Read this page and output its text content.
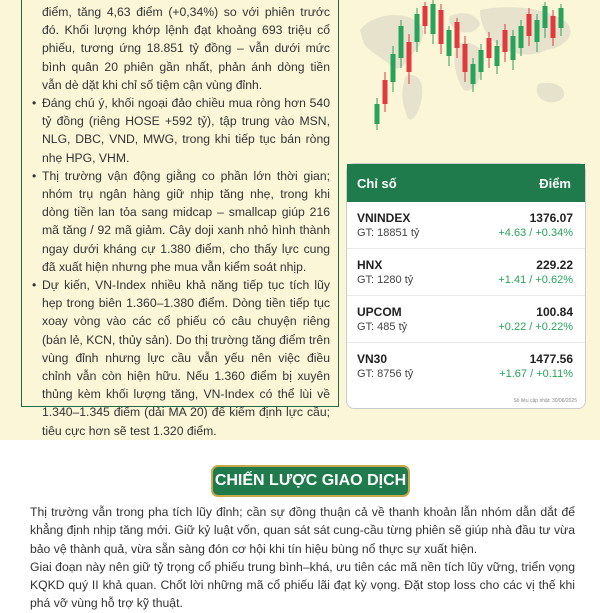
điểm, tăng 4,63 điểm (+0,34%) so với phiên trước đó. Khối lượng khớp lệnh đạt khoảng 693 triệu cổ phiếu, tương ứng 18.851 tỷ đồng – vẫn dưới mức bình quân 20 phiên gần nhất, phản ánh dòng tiền vẫn dè dặt khi chỉ số tiệm cận vùng đỉnh.

• Đáng chú ý, khối ngoại đảo chiều mua ròng hơn 540 tỷ đồng (riêng HOSE +592 tỷ), tập trung vào MSN, NLG, DBC, VND, MWG, trong khi tiếp tục bán ròng nhẹ HPG, VHM.
• Thị trường vận động giằng co phần lớn thời gian; nhóm trụ ngân hàng giữ nhịp tăng nhẹ, trong khi dòng tiền lan tỏa sang midcap – smallcap giúp 216 mã tăng / 92 mã giảm. Cây doji xanh nhỏ hình thành ngay dưới kháng cự 1.380 điểm, cho thấy lực cung đã xuất hiện nhưng phe mua vẫn kiểm soát nhịp.
• Dự kiến, VN-Index nhiều khả năng tiếp tục tích lũy hẹp trong biên 1.360–1.380 điểm. Dòng tiền tiếp tục xoay vòng vào các cổ phiếu có câu chuyện riêng (bán lẻ, KCN, thủy sản). Do thị trường tăng điểm trên vùng đỉnh nhưng lực cầu vẫn yếu nên việc điều chỉnh vẫn còn hiện hữu. Nếu 1.360 điểm bị xuyên thủng kèm khối lượng tăng, VN-Index có thể lùi về 1.340–1.345 điểm (dải MA 20) để kiểm định lực cầu; tiêu cực hơn sẽ test 1.320 điểm.
Chỉ số	Điểm
VNINDEX
GT: 18851 tỷ
1376.07
+4.63 / +0.34%
HNX
GT: 1280 tỷ
229.22
+1.41 / +0.62%
UPCOM
GT: 485 tỷ
100.84
+0.22 / +0.22%
VN30
GT: 8756 tỷ
1477.56
+1.67 / +0.11%
Số liệu cập nhật: 30/06/2025
CHIẾN LƯỢC GIAO DỊCH

Thị trường vẫn trong pha tích lũy đỉnh; cần sự đồng thuận cả về thanh khoản lẫn nhóm dẫn dắt để khẳng định nhịp tăng mới. Giữ kỷ luật vốn, quan sát sát cung-cầu từng phiên sẽ giúp nhà đầu tư vừa bảo vệ thành quả, vừa sẵn sàng đón cơ hội khi tín hiệu bùng nổ thực sự xuất hiện.

Giai đoạn này nên giữ tỷ trọng cổ phiếu trung bình–khá, ưu tiên các mã nền tích lũy vững, triển vọng KQKD quý II khả quan. Chốt lời những mã cổ phiếu lãi đạt kỳ vọng. Đặt stop loss cho các vị thế khi phá vỡ vùng hỗ trợ kỹ thuật.
